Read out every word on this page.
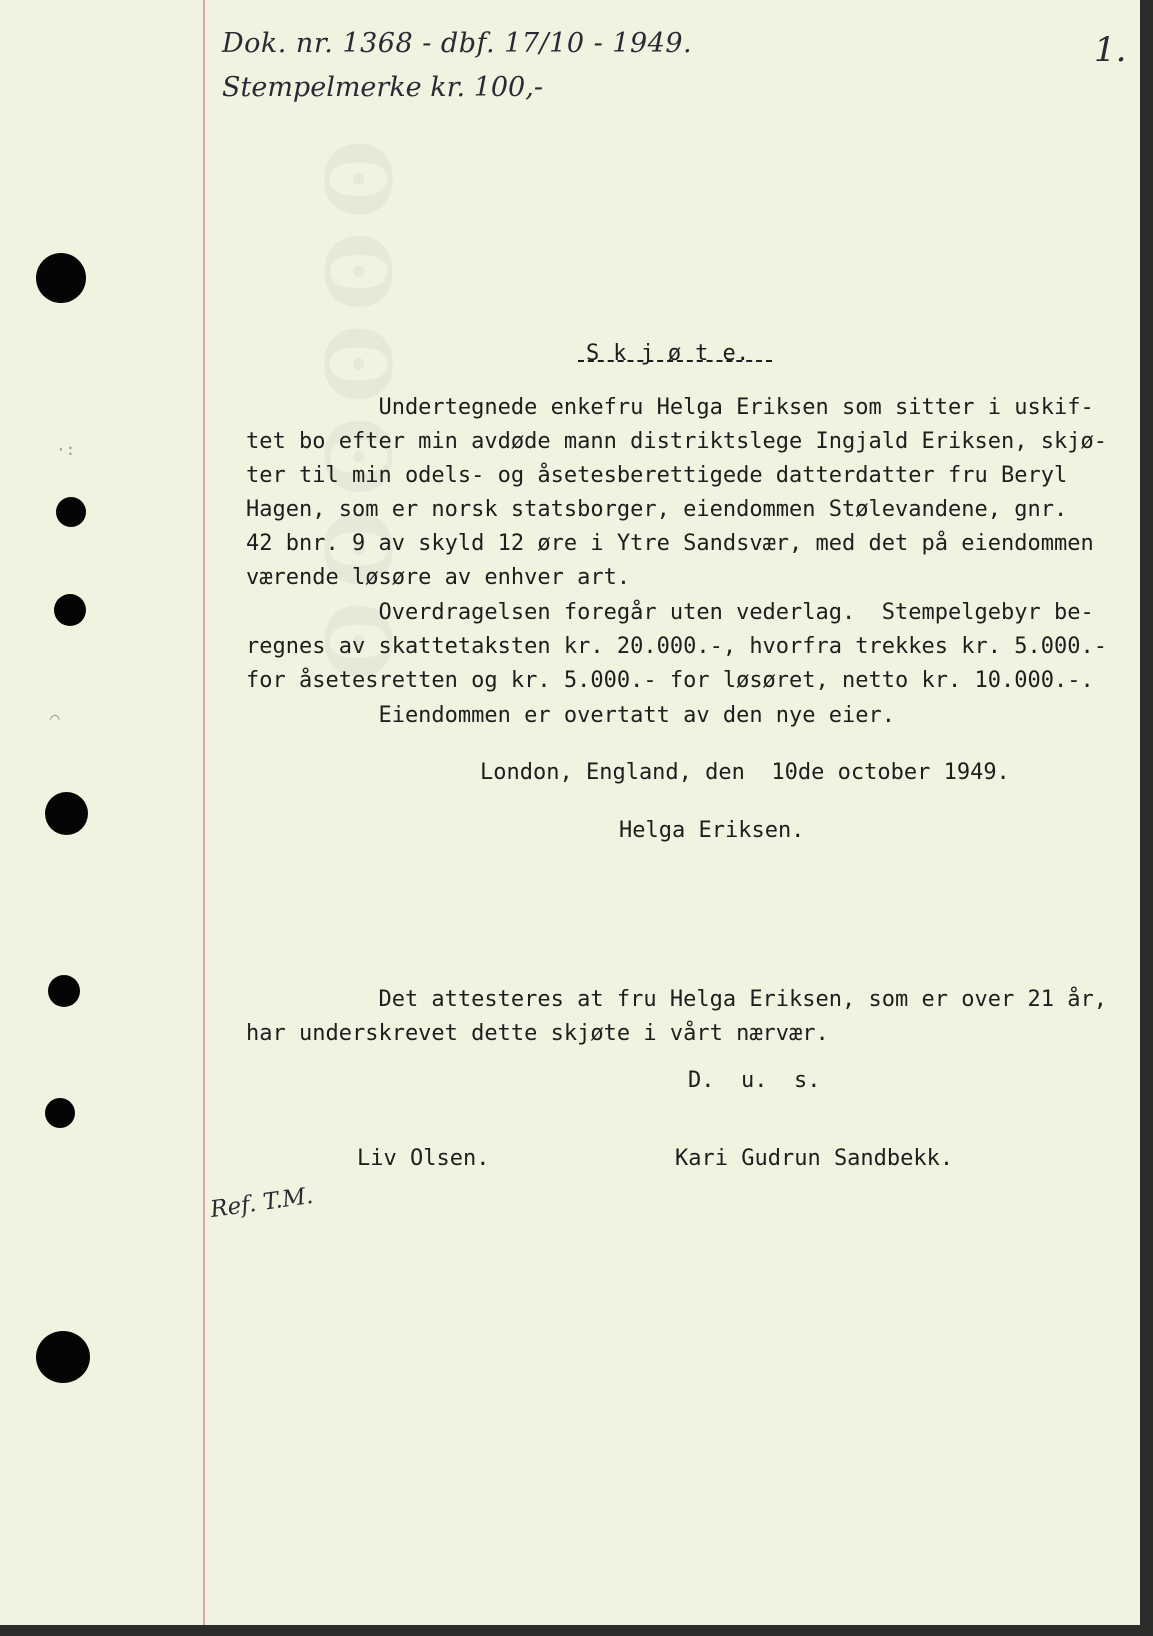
ʘʘʘʘʘʘ
·:
⌒
Dok. nr. 1368 - dbf. 17/10 - 1949.
Stempelmerke kr. 100,-
1.
S k j ø t e.
Undertegnede enkefru Helga Eriksen som sitter i uskif-
tet bo efter min avdøde mann distriktslege Ingjald Eriksen, skjø-
ter til min odels- og åsetesberettigede datterdatter fru Beryl
Hagen, som er norsk statsborger, eiendommen Stølevandene, gnr.
42 bnr. 9 av skyld 12 øre i Ytre Sandsvær, med det på eiendommen
værende løsøre av enhver art.
Overdragelsen foregår uten vederlag.  Stempelgebyr be-
regnes av skattetaksten kr. 20.000.-, hvorfra trekkes kr. 5.000.-
for åsetesretten og kr. 5.000.- for løsøret, netto kr. 10.000.-.
Eiendommen er overtatt av den nye eier.
London, England, den  10de october 1949.
Helga Eriksen.
Det attesteres at fru Helga Eriksen, som er over 21 år,
har underskrevet dette skjøte i vårt nærvær.
D.  u.  s.
Liv Olsen.	Kari Gudrun Sandbekk.
Ref. T.M.
